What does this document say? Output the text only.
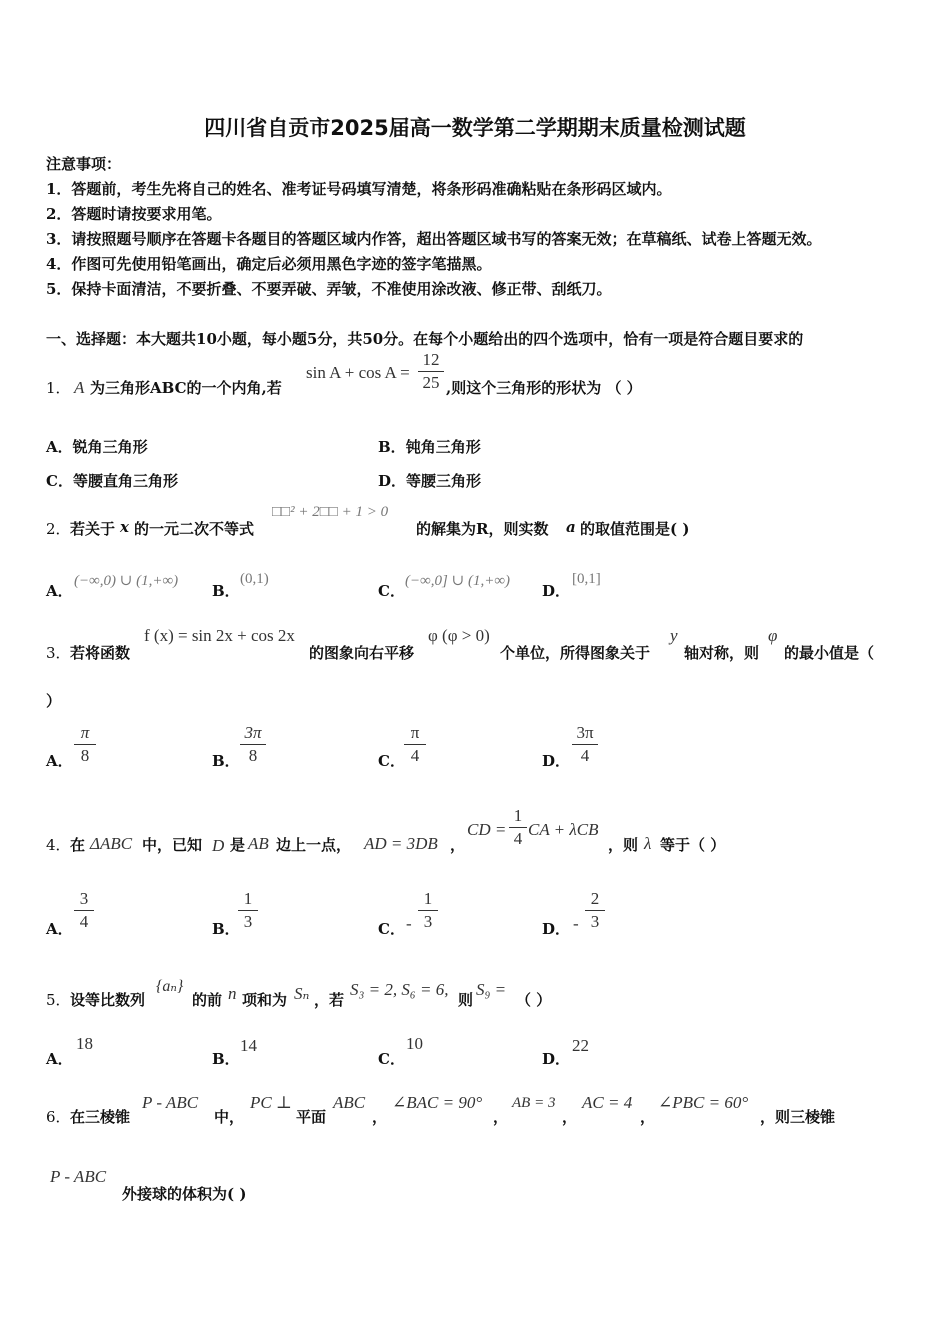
四川省自贡市2025届高一数学第二学期期末质量检测试题
注意事项：
1．答题前，考生先将自己的姓名、准考证号码填写清楚，将条形码准确粘贴在条形码区域内。
2．答题时请按要求用笔。
3．请按照题号顺序在答题卡各题目的答题区域内作答，超出答题区域书写的答案无效；在草稿纸、试卷上答题无效。
4．作图可先使用铅笔画出，确定后必须用黑色字迹的签字笔描黑。
5．保持卡面清洁，不要折叠、不要弄破、弄皱，不准使用涂改液、修正带、刮纸刀。
一、选择题：本大题共10小题，每小题5分，共50分。在每个小题给出的四个选项中，恰有一项是符合题目要求的
1． A 为三角形ABC的一个内角,若
sin A + cos A =
12
25 ,则这个三角形的形状为 （ ）
A．锐角三角形	B．钝角三角形
C．等腰直角三角形	D．等腰三角形
2． 若关于 x 的一元二次不等式
□□² + 2□□ + 1 > 0
的解集为R，则实数 a 的取值范围是( )
A．
(−∞,0) ∪ (1,+∞)
B．
(0,1)
C．
(−∞,0] ∪ (1,+∞)
D．
[0,1]
3． 若将函数
f (x) = sin 2x + cos 2x
的图象向右平移
φ (φ > 0)
个单位，所得图象关于
y
轴对称，则
φ
的最小值是（
）
A．
π
8	B．
3π
8	C．
π
4	D．
3π
4
4． 在 ΔABC 中，已知 D 是 AB 边上一点， AD = 3DB ，
CD =
1
4 CA + λCB
，则 λ 等于（ ）
A．
3
4	B．
1
3	C． -
1
3	D． -
2
3
5． 设等比数列
{aₙ}
的前 n 项和为 Sₙ ，若
S₃ = 2, S₆ = 6,
则
S₉ =
（ ）
A．
18
B．
14
C．
10
D．
22
6． 在三棱锥
P - ABC
中，
PC ⊥
平面
ABC
，
∠BAC = 90°
，
AB = 3
，
AC = 4
，
∠PBC = 60°
，则三棱锥
P - ABC
外接球的体积为( )
